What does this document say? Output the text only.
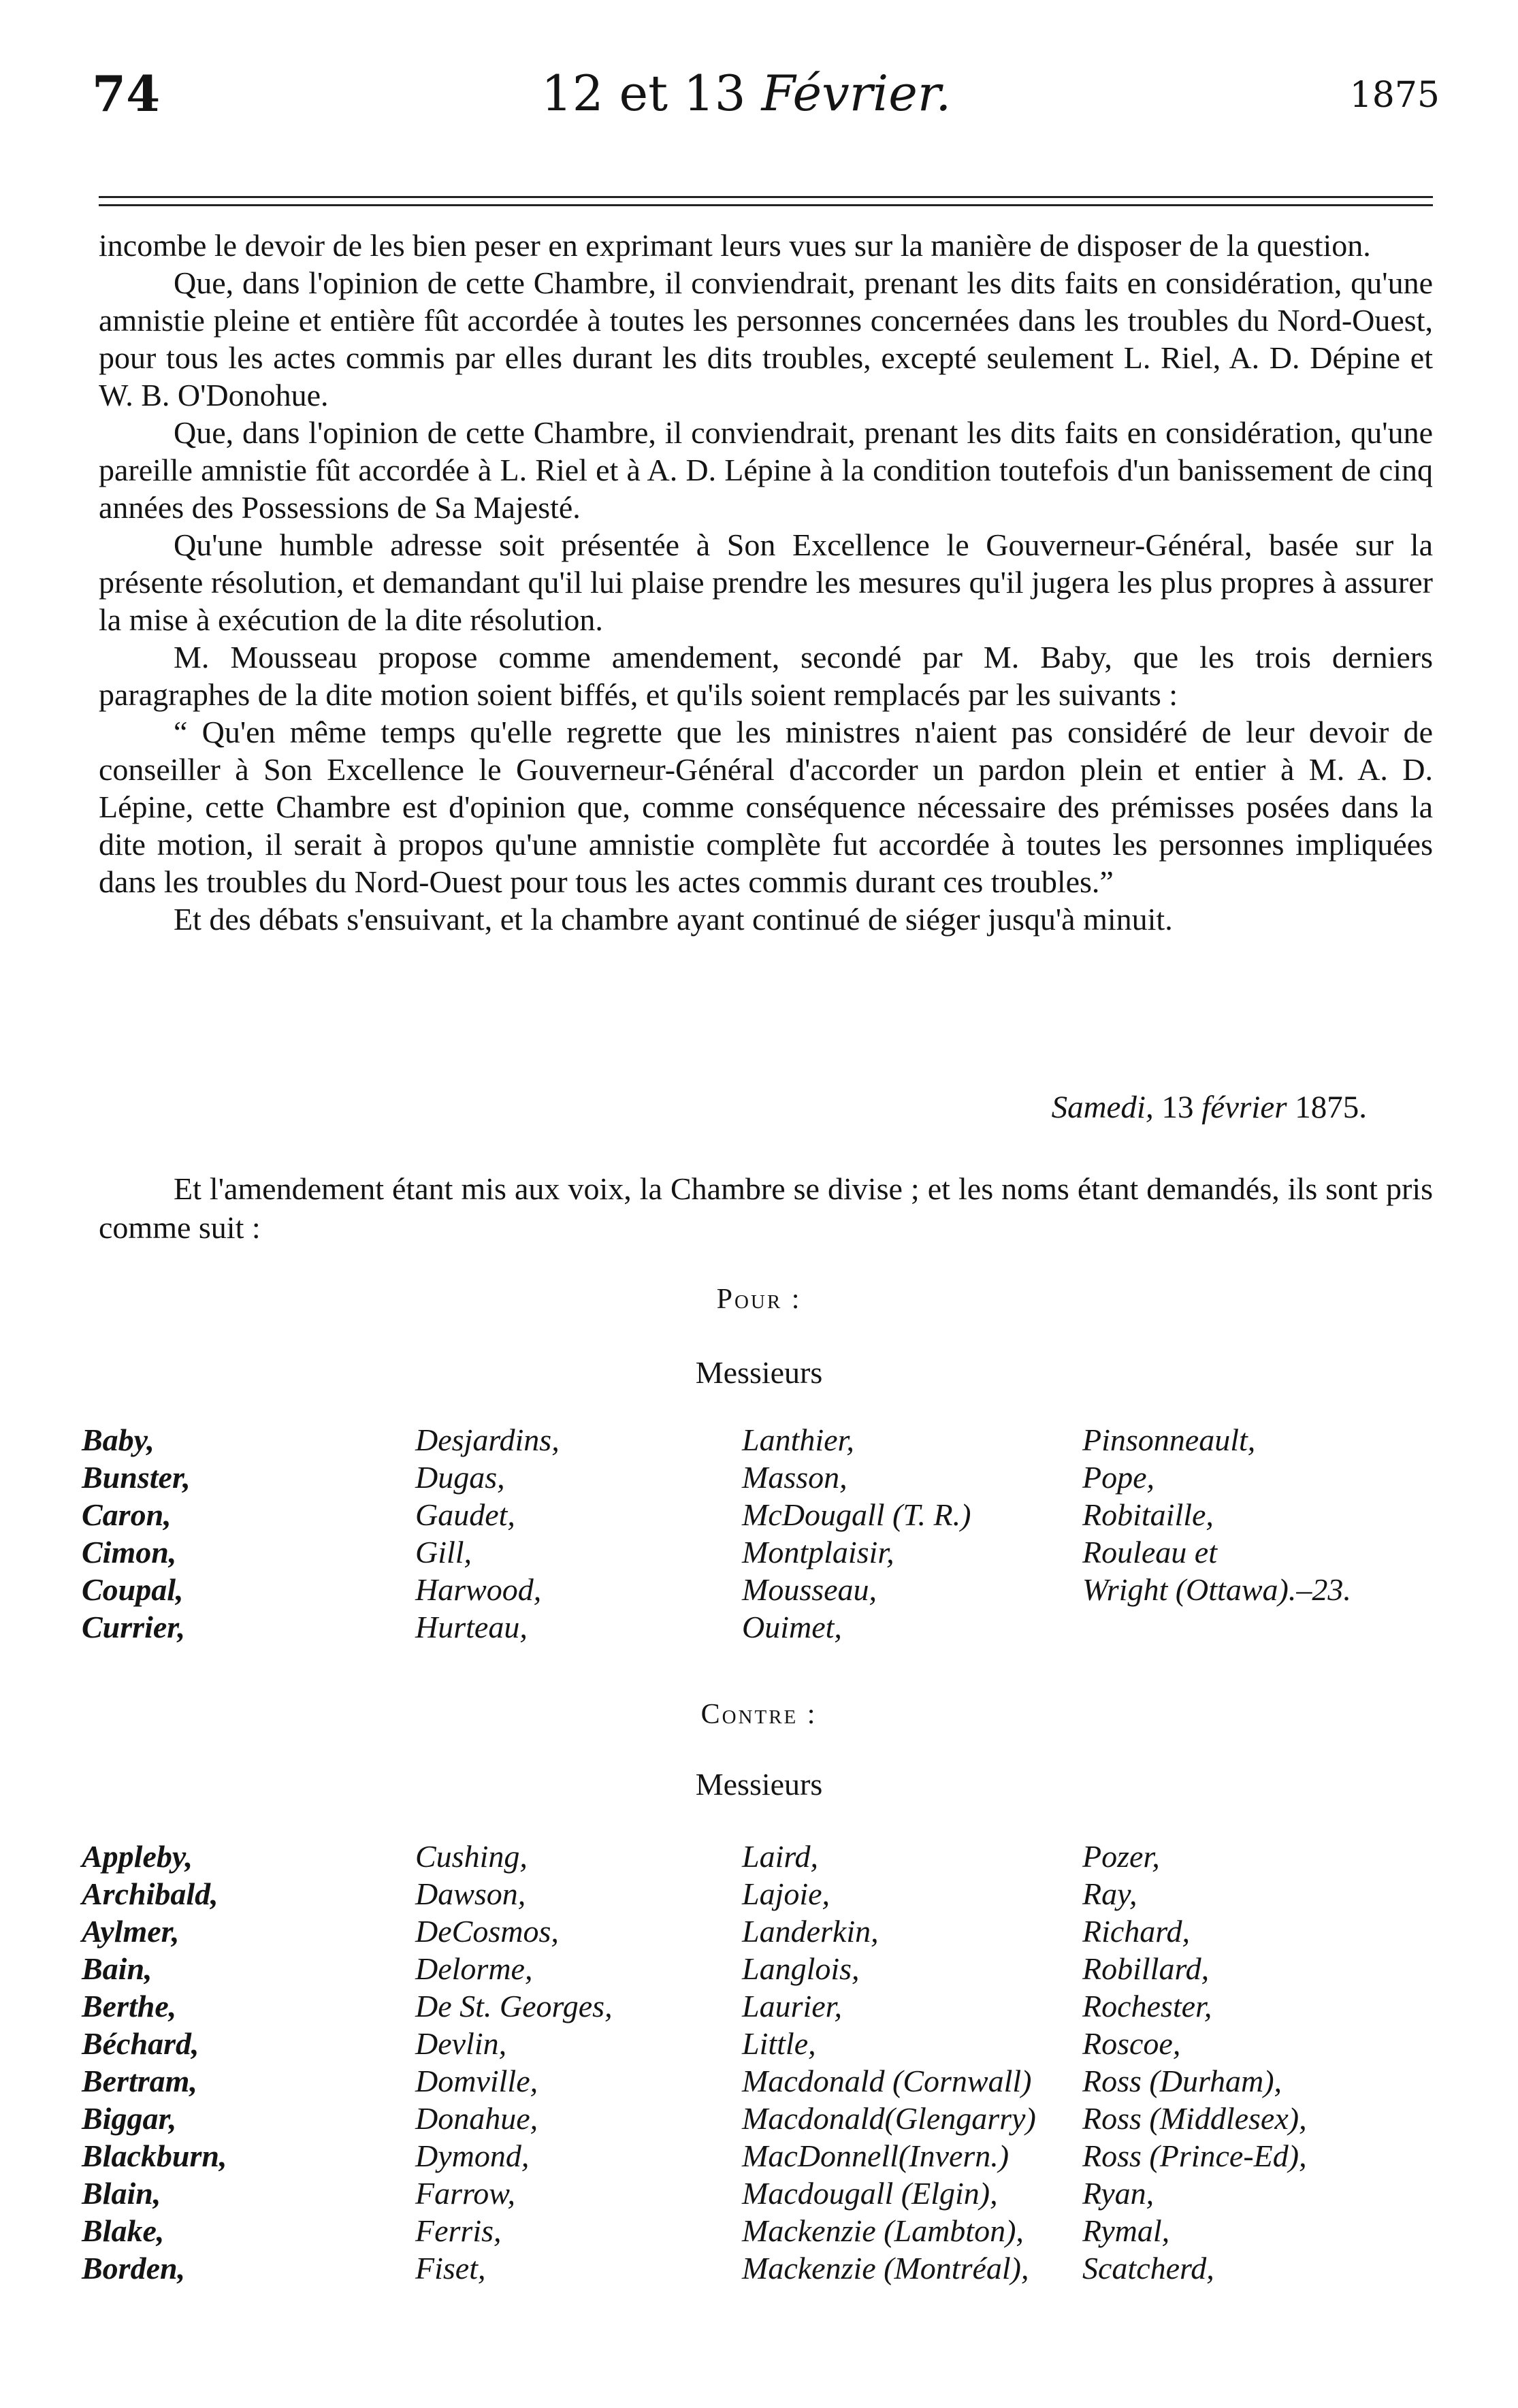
74	12 et 13 Février.	1875

incombe le devoir de les bien peser en exprimant leurs vues sur la manière de disposer de la question.

Que, dans l'opinion de cette Chambre, il conviendrait, prenant les dits faits en considération, qu'une amnistie pleine et entière fût accordée à toutes les personnes concernées dans les troubles du Nord-Ouest, pour tous les actes commis par elles durant les dits troubles, excepté seulement L. Riel, A. D. Dépine et W. B. O'Donohue.

Que, dans l'opinion de cette Chambre, il conviendrait, prenant les dits faits en considération, qu'une pareille amnistie fût accordée à L. Riel et à A. D. Lépine à la condition toutefois d'un banissement de cinq années des Possessions de Sa Majesté.

Qu'une humble adresse soit présentée à Son Excellence le Gouverneur-Général, basée sur la présente résolution, et demandant qu'il lui plaise prendre les mesures qu'il jugera les plus propres à assurer la mise à exécution de la dite résolution.

M. Mousseau propose comme amendement, secondé par M. Baby, que les trois derniers paragraphes de la dite motion soient biffés, et qu'ils soient remplacés par les suivants :

“ Qu'en même temps qu'elle regrette que les ministres n'aient pas considéré de leur devoir de conseiller à Son Excellence le Gouverneur-Général d'accorder un pardon plein et entier à M. A. D. Lépine, cette Chambre est d'opinion que, comme conséquence nécessaire des prémisses posées dans la dite motion, il serait à propos qu'une amnistie complète fut accordée à toutes les personnes impliquées dans les troubles du Nord-Ouest pour tous les actes commis durant ces troubles.”

Et des débats s'ensuivant, et la chambre ayant continué de siéger jusqu'à minuit.

Samedi, 13 février 1875.

Et l'amendement étant mis aux voix, la Chambre se divise ; et les noms étant demandés, ils sont pris comme suit :

Pour :
Messieurs
Baby,
Bunster,
Caron,
Cimon,
Coupal,
Currier,
Desjardins,
Dugas,
Gaudet,
Gill,
Harwood,
Hurteau,
Lanthier,
Masson,
McDougall (T. R.)
Montplaisir,
Mousseau,
Ouimet,
Pinsonneault,
Pope,
Robitaille,
Rouleau et
Wright (Ottawa).–23.
Contre :
Messieurs
Appleby,
Archibald,
Aylmer,
Bain,
Berthe,
Béchard,
Bertram,
Biggar,
Blackburn,
Blain,
Blake,
Borden,
Cushing,
Dawson,
DeCosmos,
Delorme,
De St. Georges,
Devlin,
Domville,
Donahue,
Dymond,
Farrow,
Ferris,
Fiset,
Laird,
Lajoie,
Landerkin,
Langlois,
Laurier,
Little,
Macdonald (Cornwall)
Macdonald(Glengarry)
MacDonnell(Invern.)
Macdougall (Elgin),
Mackenzie (Lambton),
Mackenzie (Montréal),
Pozer,
Ray,
Richard,
Robillard,
Rochester,
Roscoe,
Ross (Durham),
Ross (Middlesex),
Ross (Prince-Ed),
Ryan,
Rymal,
Scatcherd,
